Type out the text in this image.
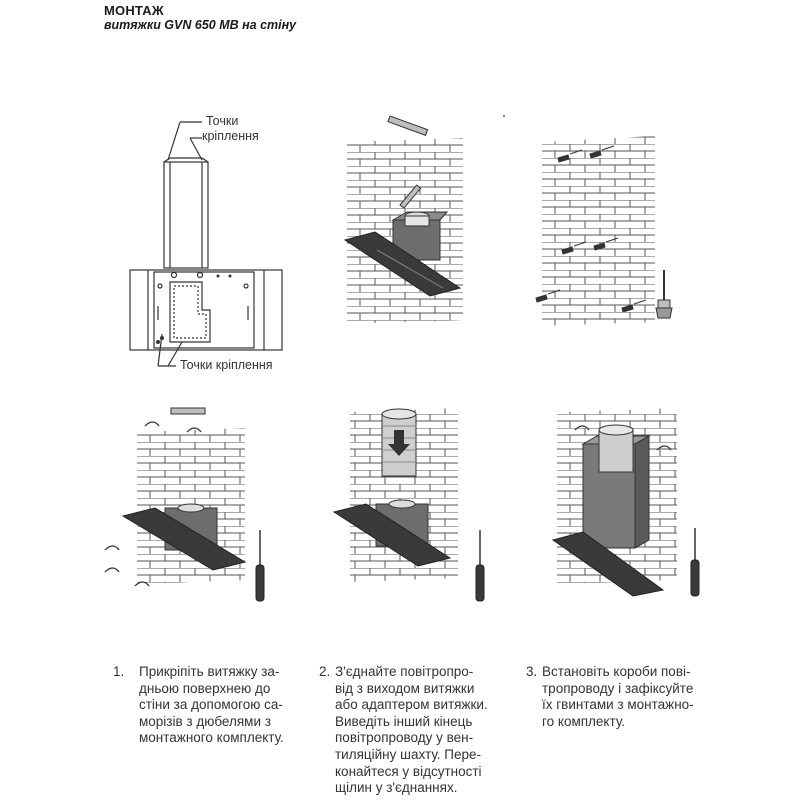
МОНТАЖ
витяжки GVN 650 MB на стіну
Точки
кріплення
Точки кріплення
1. Прикріпіть витяжку за-
дньою поверхнею до
стіни за допомогою са-
морізів з дюбелями з
монтажного комплекту.
2. З'єднайте повітропро-
від з виходом витяжки
або адаптером витяжки.
Виведіть інший кінець
повітропроводу у вен-
тиляційну шахту. Пере-
конайтеся у відсутності
щілин у з'єднаннях.
3. Встановіть короби пові-
тропроводу і зафіксуйте
їх гвинтами з монтажно-
го комплекту.
